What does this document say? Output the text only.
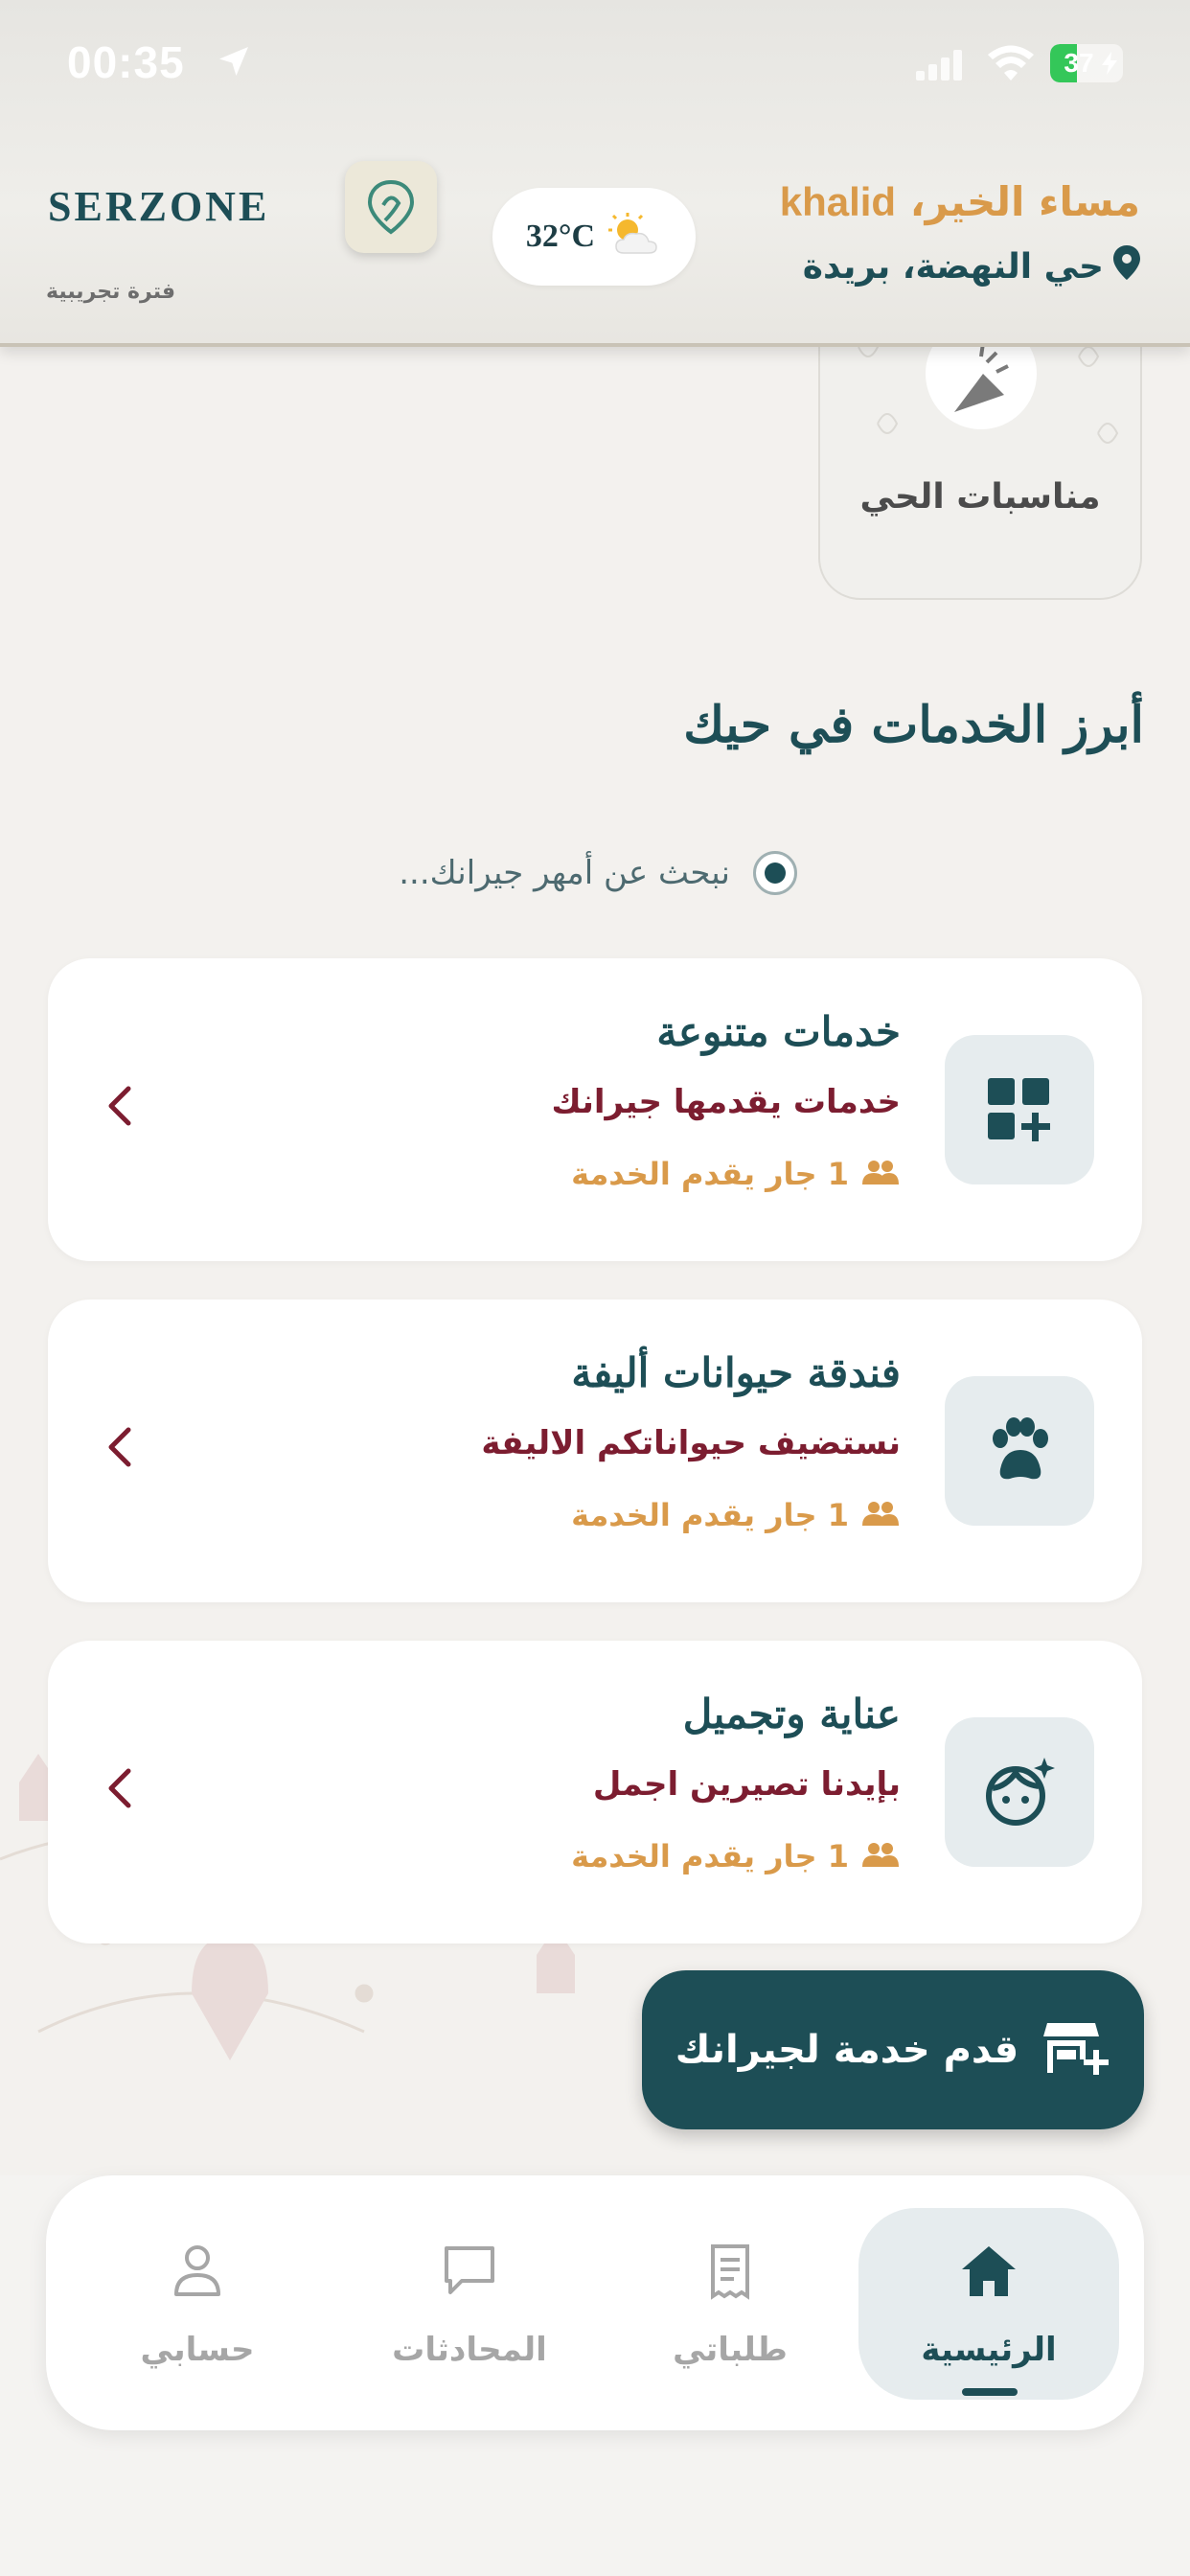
00:35	37
SERZONE
فترة تجريبية
32°C
مساء الخير، khalid
حي النهضة، بريدة
مناسبات الحي
أبرز الخدمات في حيك
نبحث عن أمهر جيرانك...
خدمات متنوعة
خدمات يقدمها جيرانك
1 جار يقدم الخدمة
فندقة حيوانات أليفة
نستضيف حيواناتكم الاليفة
1 جار يقدم الخدمة
عناية وتجميل
بإيدنا تصيرين اجمل
1 جار يقدم الخدمة
قدم خدمة لجيرانك
الرئيسية
طلباتي
المحادثات
حسابي
